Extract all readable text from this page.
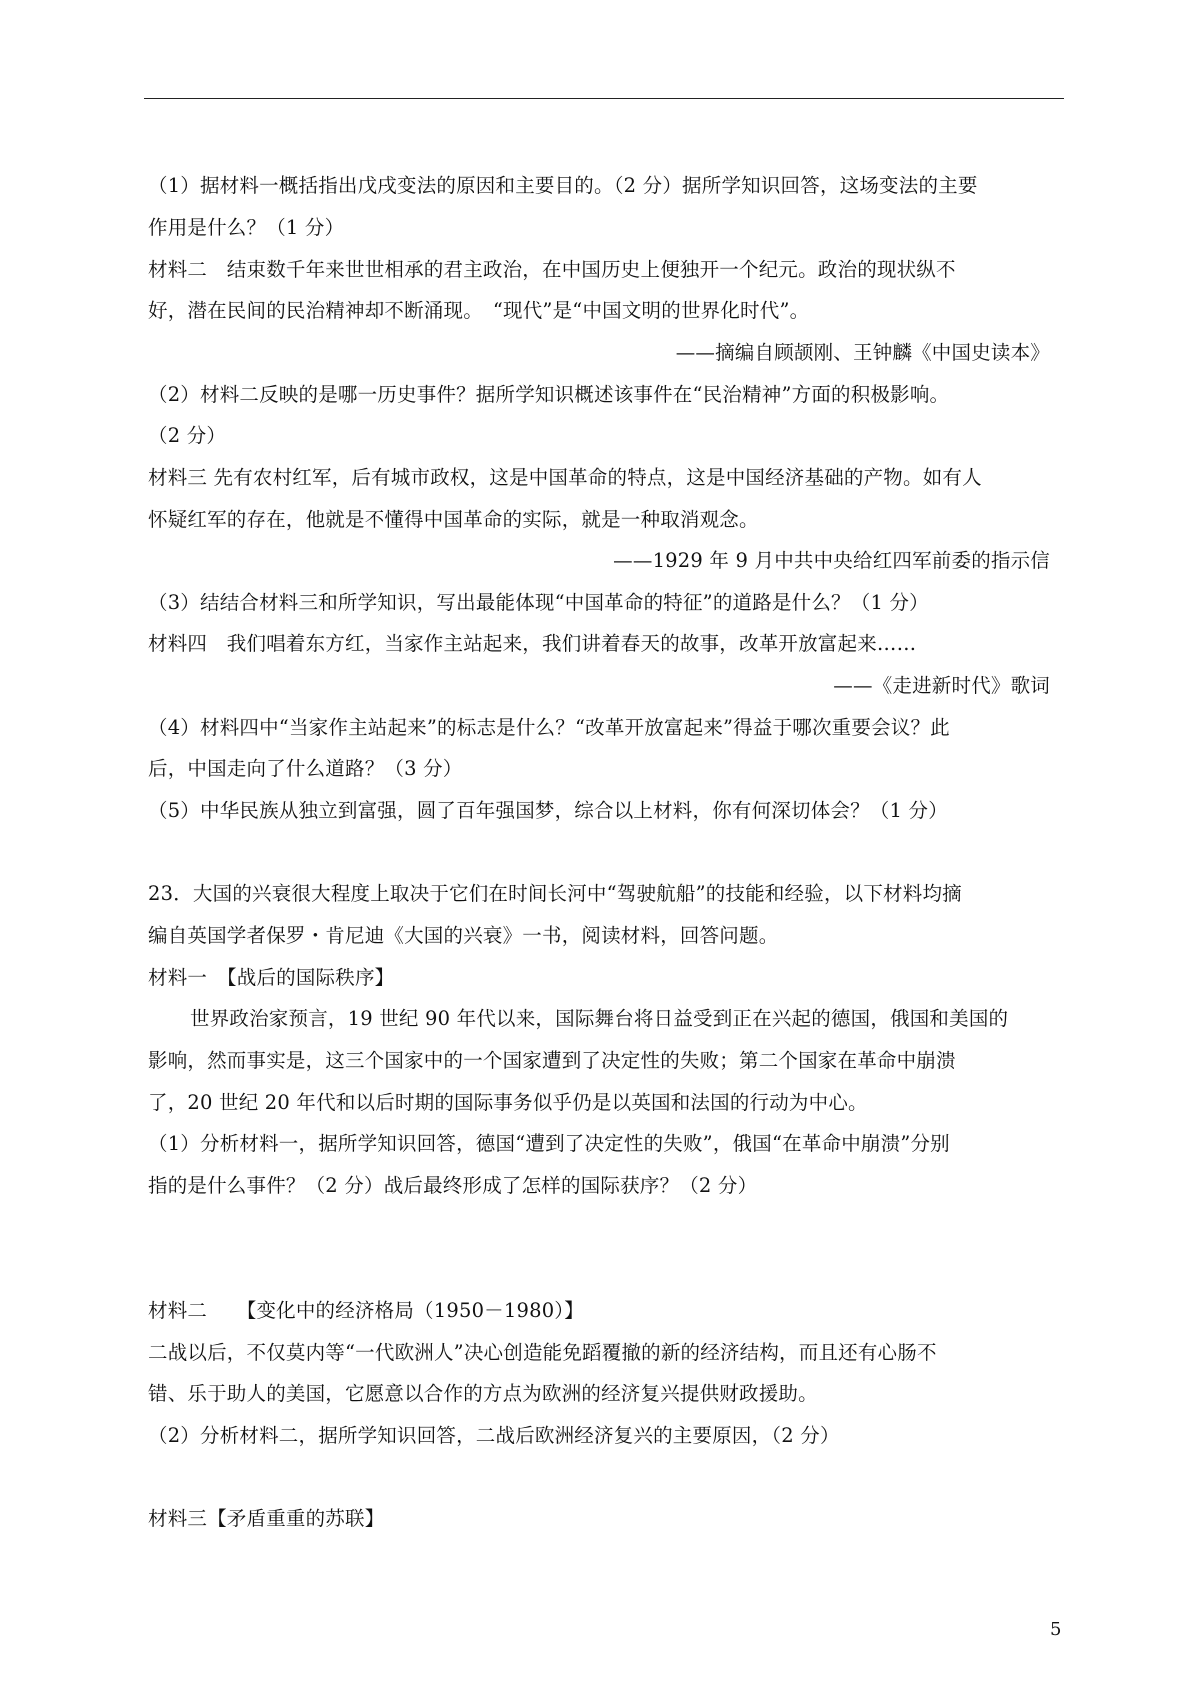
（1）据材料一概括指出戊戌变法的原因和主要目的。（2 分）据所学知识回答，这场变法的主要
作用是什么？（1 分）
材料二　结束数千年来世世相承的君主政治，在中国历史上便独开一个纪元。政治的现状纵不
好，潜在民间的民治精神却不断涌现。　“现代”是“中国文明的世界化时代”。
——摘编自顾颉刚、王钟麟《中国史读本》
（2）材料二反映的是哪一历史事件？据所学知识概述该事件在“民治精神”方面的积极影响。
（2 分）
材料三 先有农村红军，后有城市政权，这是中国革命的特点，这是中国经济基础的产物。如有人
怀疑红军的存在，他就是不懂得中国革命的实际，就是一种取消观念。
——1929 年 9 月中共中央给红四军前委的指示信
（3）结结合材料三和所学知识，写出最能体现“中国革命的特征”的道路是什么？（1 分）
材料四　我们唱着东方红，当家作主站起来，我们讲着春天的故事，改革开放富起来……
——《走进新时代》歌词
（4）材料四中“当家作主站起来”的标志是什么？“改革开放富起来”得益于哪次重要会议？此
后，中国走向了什么道路？（3 分）
（5）中华民族从独立到富强，圆了百年强国梦，综合以上材料，你有何深切体会？（1 分）
23．大国的兴衰很大程度上取决于它们在时间长河中“驾驶航船”的技能和经验，以下材料均摘
编自英国学者保罗・肯尼迪《大国的兴衰》一书，阅读材料，回答问题。
材料一　【战后的国际秩序】
世界政治家预言，19 世纪 90 年代以来，国际舞台将日益受到正在兴起的德国，俄国和美国的
影响，然而事实是，这三个国家中的一个国家遭到了决定性的失败；第二个国家在革命中崩溃
了，20 世纪 20 年代和以后时期的国际事务似乎仍是以英国和法国的行动为中心。
（1）分析材料一，据所学知识回答，德国“遭到了决定性的失败”，俄国“在革命中崩溃”分别
指的是什么事件？（2 分）战后最终形成了怎样的国际获序？（2 分）
材料二　　【变化中的经济格局（1950－1980）】
二战以后，不仅莫内等“一代欧洲人”决心创造能免蹈覆撤的新的经济结构，而且还有心肠不
错、乐于助人的美国，它愿意以合作的方点为欧洲的经济复兴提供财政援助。
（2）分析材料二，据所学知识回答，二战后欧洲经济复兴的主要原因，（2 分）
材料三【矛盾重重的苏联】
5
